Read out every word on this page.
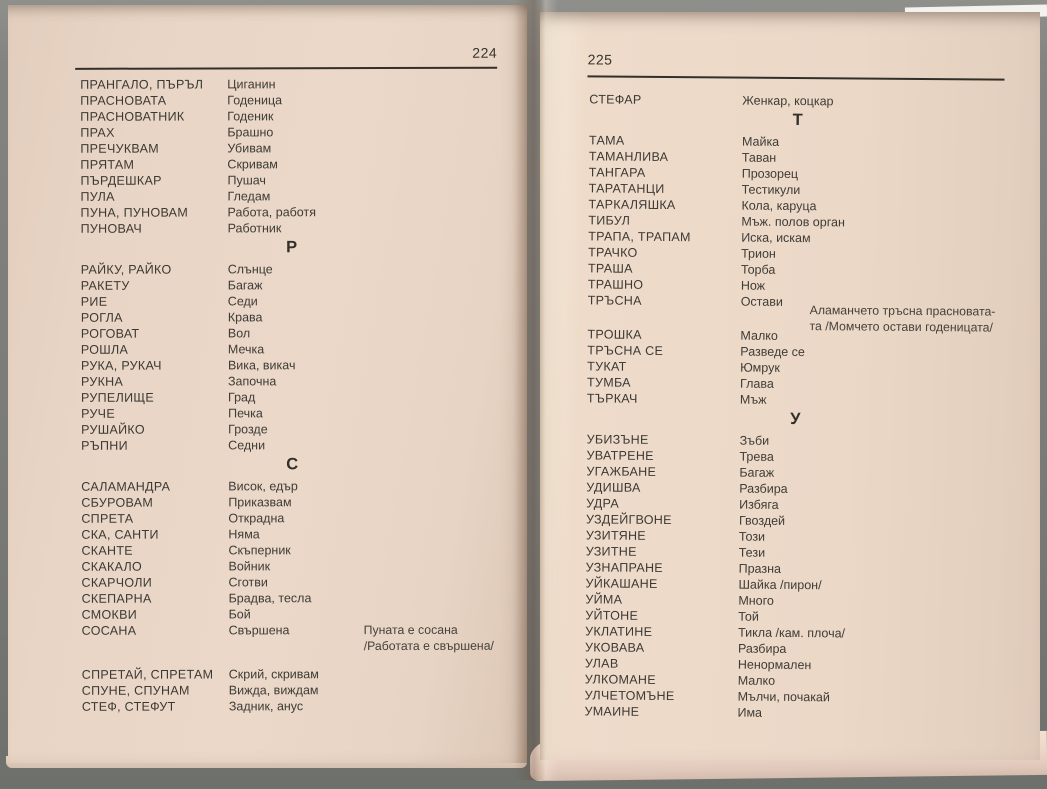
224
ПРАНГАЛО, ПЪРЪЛ Циганин
ПРАСНОВАТА	Годеница
ПРАСНОВАТНИК	Годеник
ПРАХ	Брашно
ПРЕЧУКВАМ	Убивам
ПРЯТАМ	Скривам
ПЪРДЕШКАР	Пушач
ПУЛА	Гледам
ПУНА, ПУНОВАМ	Работа, работя
ПУНОВАЧ	Работник
Р
РАЙКУ, РАЙКО	Слънце
РАКЕТУ	Багаж
РИЕ	Седи
РОГЛА	Крава
РОГОВАТ	Вол
РОШЛА	Мечка
РУКА, РУКАЧ	Вика, викач
РУКНА	Започна
РУПЕЛИЩЕ	Град
РУЧЕ	Печка
РУШАЙКО	Грозде
РЪПНИ	Седни
С
САЛАМАНДРА	Висок, едър
СБУРОВАМ	Приказвам
СПРЕТА	Открадна
СКА, САНТИ	Няма
СКАНТЕ	Скъперник
СКАКАЛО	Войник
СКАРЧОЛИ	Сготви
СКЕПАРНА	Брадва, тесла
СМОКВИ	Бой
СОСАНА	Свършена	Пуната е сосана
/Работата е свършена/
СПРЕТАЙ, СПРЕТАМ Скрий, скривам
СПУНЕ, СПУНАМ	Вижда, виждам
СТЕФ, СТЕФУТ	Задник, анус
225
СТЕФАР	Женкар, коцкар
Т
ТАМА	Майка
ТАМАНЛИВА	Таван
ТАНГАРА	Прозорец
ТАРАТАНЦИ	Тестикули
ТАРКАЛЯШКА	Кола, каруца
ТИБУЛ	Мъж. полов орган
ТРАПА, ТРАПАМ	Иска, искам
ТРАЧКО	Трион
ТРАША	Торба
ТРАШНО	Нож
ТРЪСНА	Остави
Аламанчето тръсна прасновата-
та /Момчето остави годеницата/
ТРОШКА	Малко
ТРЪСНА СЕ	Разведе се
ТУКАТ	Юмрук
ТУМБА	Глава
ТЪРКАЧ	Мъж
У
УБИЗЪНЕ	Зъби
УВАТРЕНЕ	Трева
УГАЖБАНЕ	Багаж
УДИШВА	Разбира
УДРА	Избяга
УЗДЕЙГВОНЕ	Гвоздей
УЗИТЯНЕ	Този
УЗИТНЕ	Тези
УЗНАПРАНЕ	Празна
УЙКАШАНЕ	Шайка /пирон/
УЙМА	Много
УЙТОНЕ	Той
УКЛАТИНЕ	Тикла /кам. плоча/
УКОВАВА	Разбира
УЛАВ	Ненормален
УЛКОМАНЕ	Малко
УЛЧЕТОМЪНЕ	Мълчи, почакай
УМАИНЕ	Има
